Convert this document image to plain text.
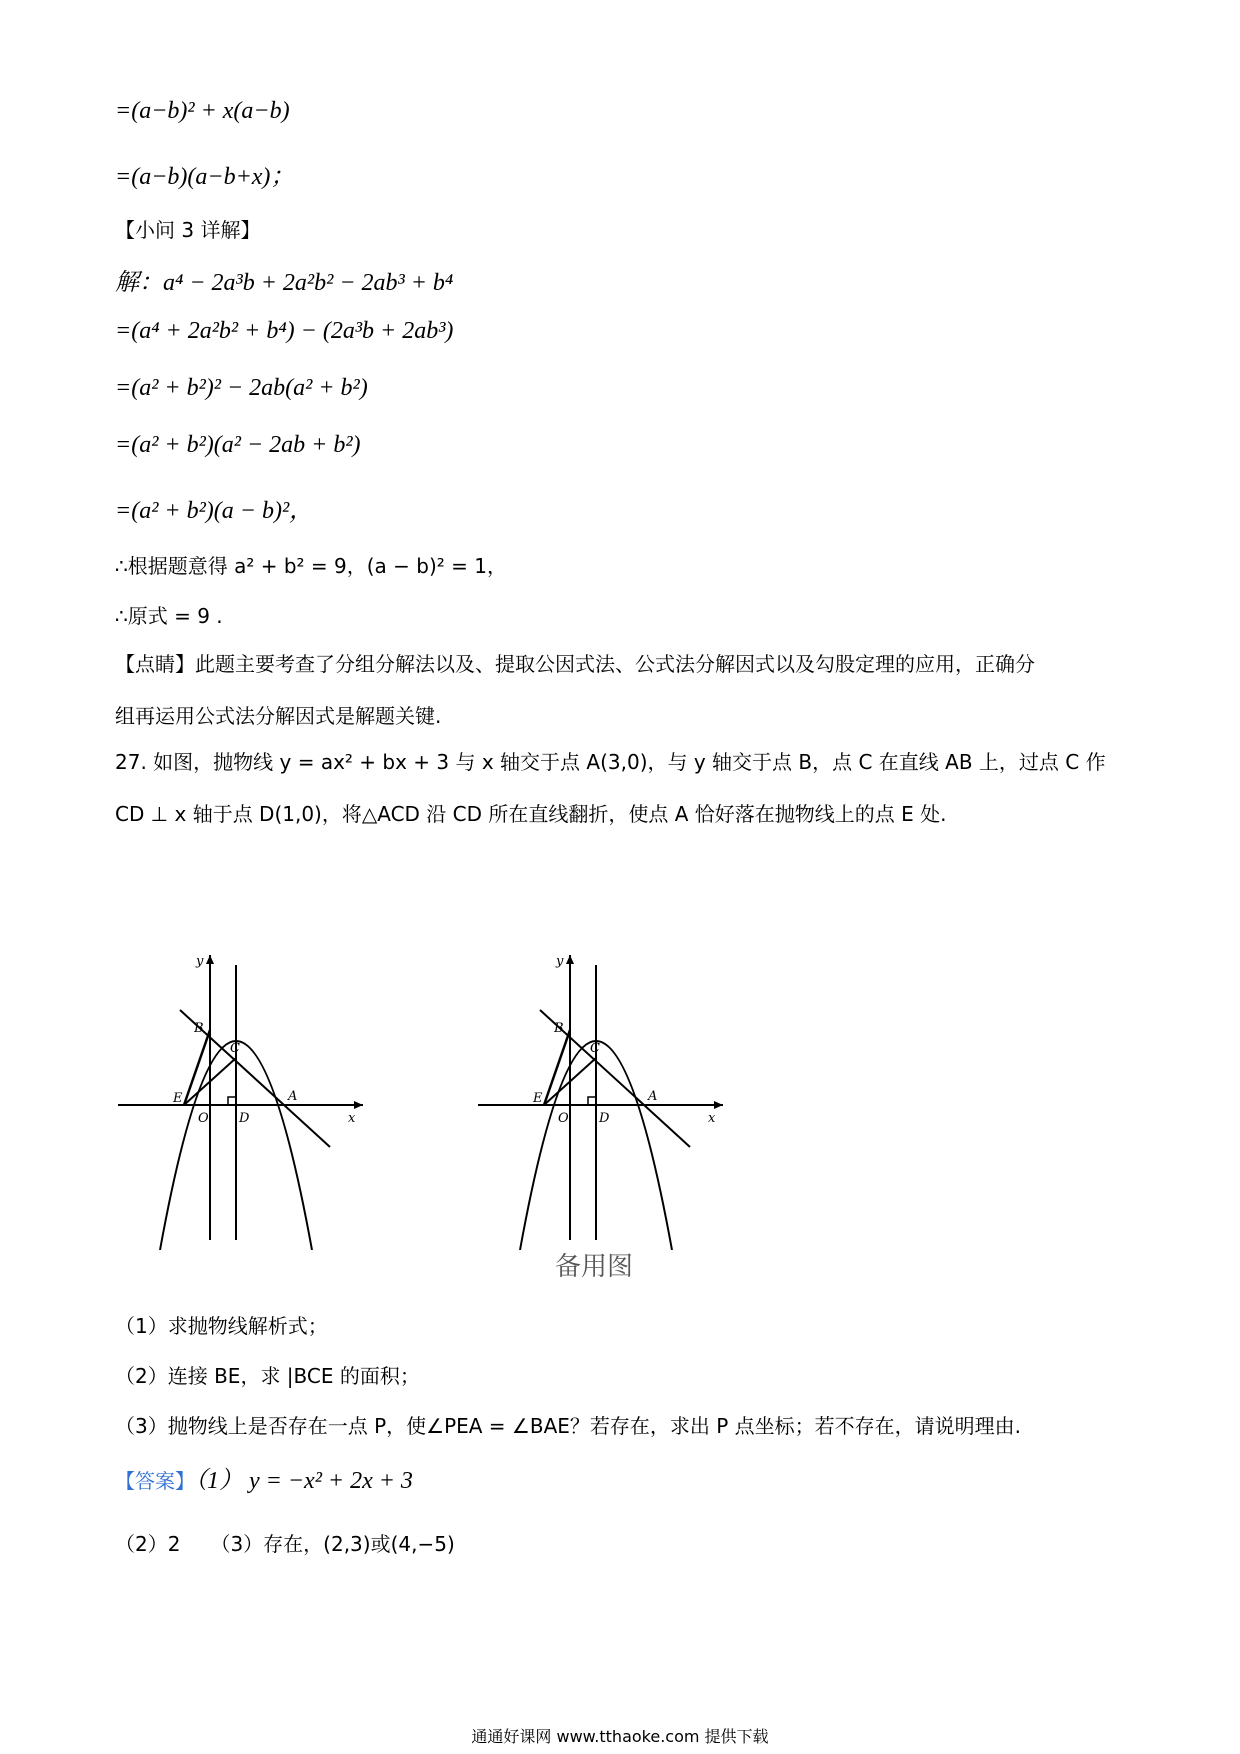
=(a−b)² + x(a−b)
=(a−b)(a−b+x)；
【小问 3 详解】
解：a⁴ − 2a³b + 2a²b² − 2ab³ + b⁴
=(a⁴ + 2a²b² + b⁴) − (2a³b + 2ab³)
=(a² + b²)² − 2ab(a² + b²)
=(a² + b²)(a² − 2ab + b²)
=(a² + b²)(a − b)²，
∴根据题意得 a² + b² = 9，(a − b)² = 1，
∴原式 = 9 .
【点睛】此题主要考查了分组分解法以及、提取公因式法、公式法分解因式以及勾股定理的应用，正确分
组再运用公式法分解因式是解题关键.
27. 如图，抛物线 y = ax² + bx + 3 与 x 轴交于点 A(3,0)，与 y 轴交于点 B，点 C 在直线 AB 上，过点 C 作
CD ⊥ x 轴于点 D(1,0)，将△ACD 沿 CD 所在直线翻折，使点 A 恰好落在抛物线上的点 E 处.
y
x
O
A
B
C
D
E
y
x
O
A
B
C
D
E
备用图
（1）求抛物线解析式；
（2）连接 BE，求 |BCE 的面积；
（3）抛物线上是否存在一点 P，使∠PEA = ∠BAE？若存在，求出 P 点坐标；若不存在，请说明理由.
【答案】（1） y = −x² + 2x + 3
（2）2　　（3）存在，(2,3)或(4,−5)
通通好课网 www.tthaoke.com 提供下载
